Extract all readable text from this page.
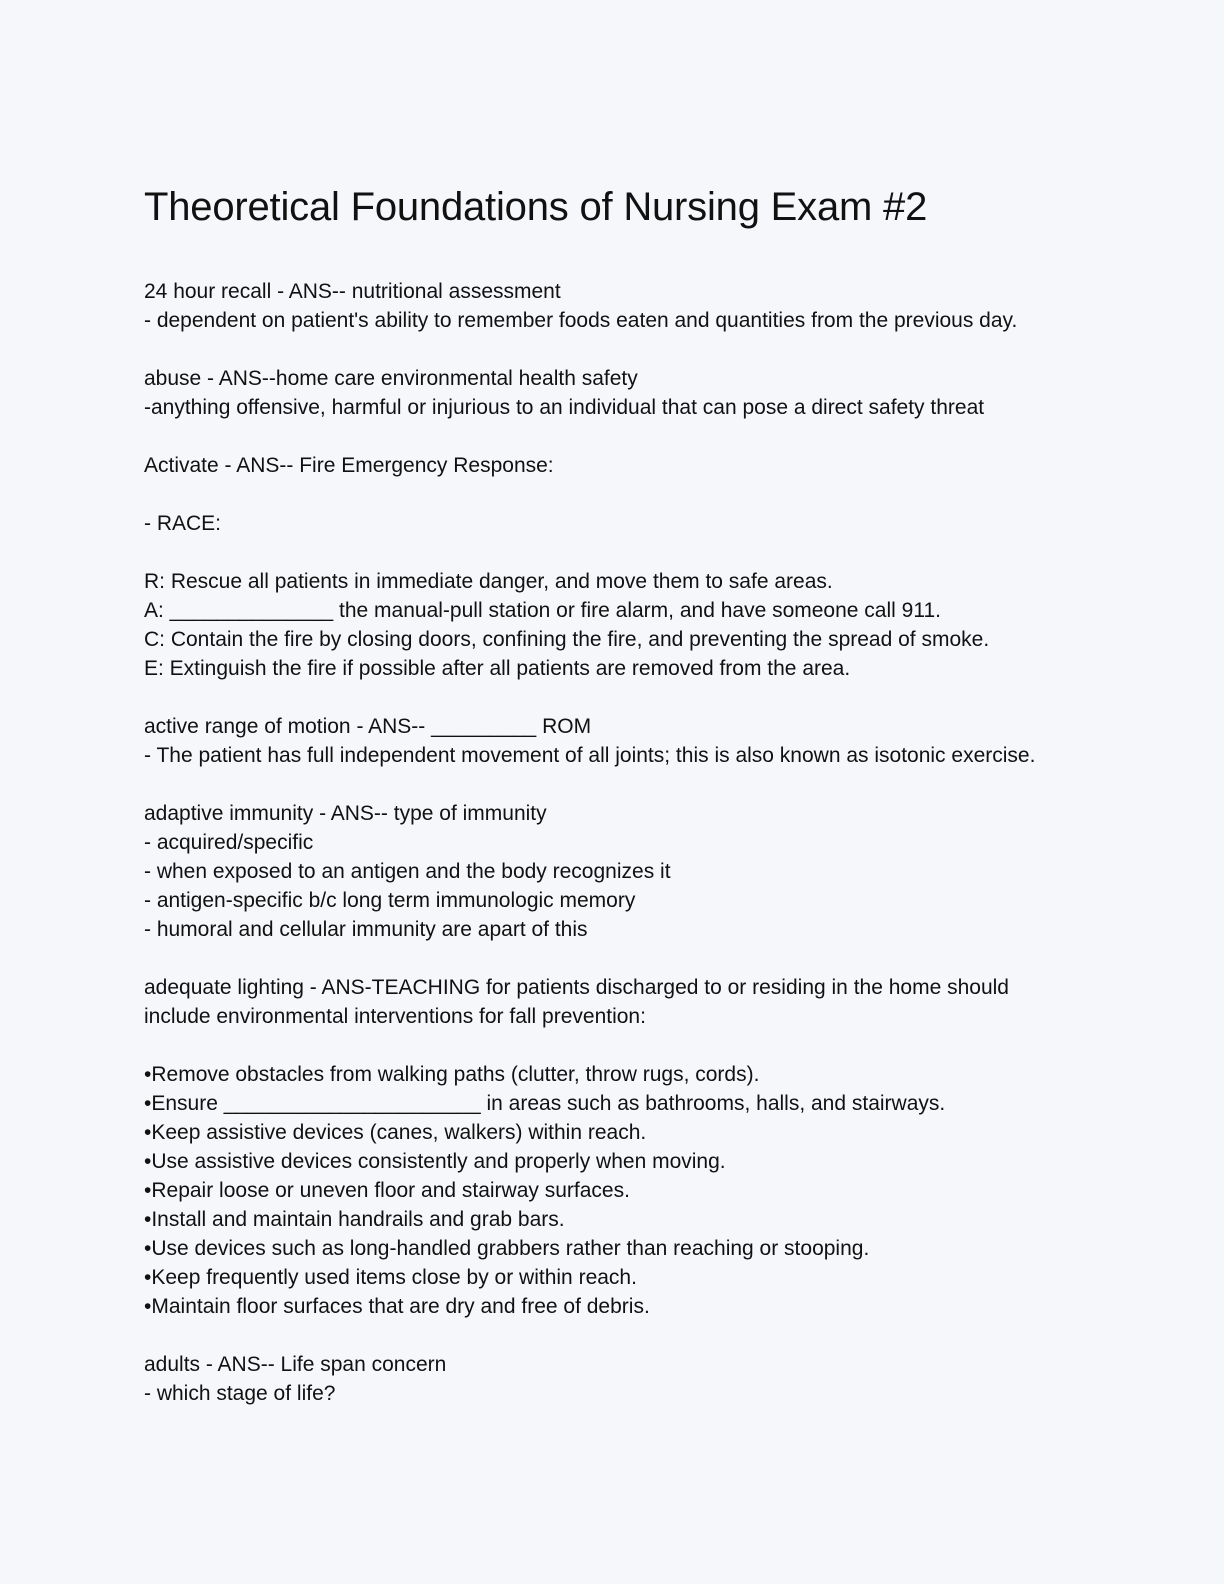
Theoretical Foundations of Nursing Exam #2
24 hour recall - ANS-- nutritional assessment
- dependent on patient's ability to remember foods eaten and quantities from the previous day.
abuse - ANS--home care environmental health safety
-anything offensive, harmful or injurious to an individual that can pose a direct safety threat
Activate - ANS-- Fire Emergency Response:
- RACE:
R: Rescue all patients in immediate danger, and move them to safe areas.
A: ______________ the manual-pull station or fire alarm, and have someone call 911.
C: Contain the fire by closing doors, confining the fire, and preventing the spread of smoke.
E: Extinguish the fire if possible after all patients are removed from the area.
active range of motion - ANS-- _________ ROM
- The patient has full independent movement of all joints; this is also known as isotonic exercise.
adaptive immunity - ANS-- type of immunity
- acquired/specific
- when exposed to an antigen and the body recognizes it
- antigen-specific b/c long term immunologic memory
- humoral and cellular immunity are apart of this
adequate lighting - ANS-TEACHING for patients discharged to or residing in the home should
include environmental interventions for fall prevention:
•Remove obstacles from walking paths (clutter, throw rugs, cords).
•Ensure ______________________ in areas such as bathrooms, halls, and stairways.
•Keep assistive devices (canes, walkers) within reach.
•Use assistive devices consistently and properly when moving.
•Repair loose or uneven floor and stairway surfaces.
•Install and maintain handrails and grab bars.
•Use devices such as long-handled grabbers rather than reaching or stooping.
•Keep frequently used items close by or within reach.
•Maintain floor surfaces that are dry and free of debris.
adults - ANS-- Life span concern
- which stage of life?
